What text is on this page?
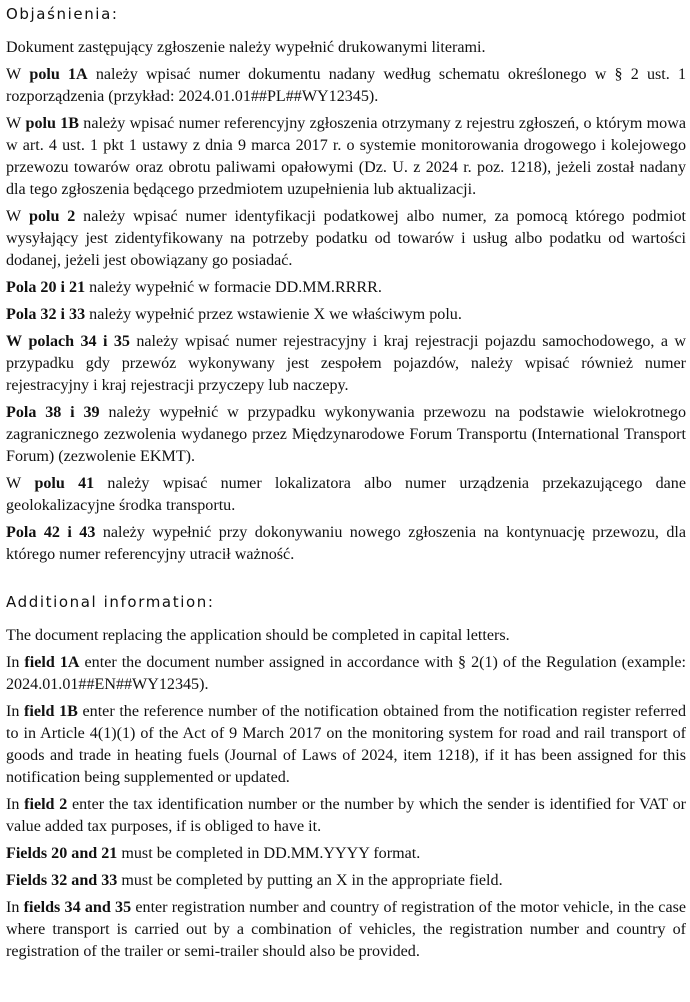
Objaśnienia:

Dokument zastępujący zgłoszenie należy wypełnić drukowanymi literami.

W polu 1A należy wpisać numer dokumentu nadany według schematu określonego w § 2 ust. 1 rozporządzenia (przykład: 2024.01.01##PL##WY12345).

W polu 1B należy wpisać numer referencyjny zgłoszenia otrzymany z rejestru zgłoszeń, o którym mowa w art. 4 ust. 1 pkt 1 ustawy z dnia 9 marca 2017 r. o systemie monitorowania drogowego i kolejowego przewozu towarów oraz obrotu paliwami opałowymi (Dz. U. z 2024 r. poz. 1218), jeżeli został nadany dla tego zgłoszenia będącego przedmiotem uzupełnienia lub aktualizacji.

W polu 2 należy wpisać numer identyfikacji podatkowej albo numer, za pomocą którego podmiot wysyłający jest zidentyfikowany na potrzeby podatku od towarów i usług albo podatku od wartości dodanej, jeżeli jest obowiązany go posiadać.

Pola 20 i 21 należy wypełnić w formacie DD.MM.RRRR.

Pola 32 i 33 należy wypełnić przez wstawienie X we właściwym polu.

W polach 34 i 35 należy wpisać numer rejestracyjny i kraj rejestracji pojazdu samochodowego, a w przypadku gdy przewóz wykonywany jest zespołem pojazdów, należy wpisać również numer rejestracyjny i kraj rejestracji przyczepy lub naczepy.

Pola 38 i 39 należy wypełnić w przypadku wykonywania przewozu na podstawie wielokrotnego zagranicznego zezwolenia wydanego przez Międzynarodowe Forum Transportu (International Transport Forum) (zezwolenie EKMT).

W polu 41 należy wpisać numer lokalizatora albo numer urządzenia przekazującego dane geolokalizacyjne środka transportu.

Pola 42 i 43 należy wypełnić przy dokonywaniu nowego zgłoszenia na kontynuację przewozu, dla którego numer referencyjny utracił ważność.

Additional information:

The document replacing the application should be completed in capital letters.

In field 1A enter the document number assigned in accordance with § 2(1) of the Regulation (example: 2024.01.01##EN##WY12345).

In field 1B enter the reference number of the notification obtained from the notification register referred to in Article 4(1)(1) of the Act of 9 March 2017 on the monitoring system for road and rail transport of goods and trade in heating fuels (Journal of Laws of 2024, item 1218), if it has been assigned for this notification being supplemented or updated.

In field 2 enter the tax identification number or the number by which the sender is identified for VAT or value added tax purposes, if is obliged to have it.

Fields 20 and 21 must be completed in DD.MM.YYYY format.

Fields 32 and 33 must be completed by putting an X in the appropriate field.

In fields 34 and 35 enter registration number and country of registration of the motor vehicle, in the case where transport is carried out by a combination of vehicles, the registration number and country of registration of the trailer or semi-trailer should also be provided.
